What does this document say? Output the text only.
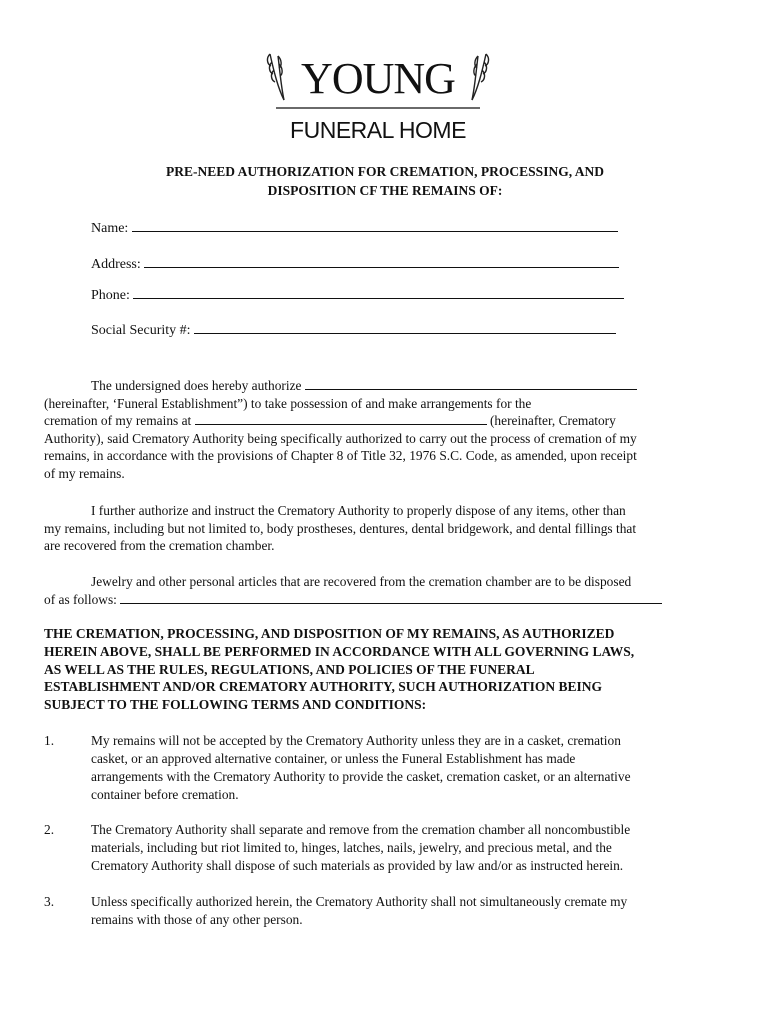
YOUNG
FUNERAL HOME
PRE-NEED AUTHORIZATION FOR CREMATION, PROCESSING, AND
DISPOSITION CF THE REMAINS OF:
Name:
Address:
Phone:
Social Security #:
The undersigned does hereby authorize
(hereinafter, ‘Funeral Establishment”) to take possession of and make arrangements for the
cremation of my remains at	(hereinafter, Crematory
Authority), said Crematory Authority being specifically authorized to carry out the process of cremation of my
remains, in accordance with the provisions of Chapter 8 of Title 32, 1976 S.C. Code, as amended, upon receipt
of my remains.
I further authorize and instruct the Crematory Authority to properly dispose of any items, other than
my remains, including but not limited to, body prostheses, dentures, dental bridgework, and dental fillings that
are recovered from the cremation chamber.
Jewelry and other personal articles that are recovered from the cremation chamber are to be disposed
of as follows:
THE CREMATION, PROCESSING, AND DISPOSITION OF MY REMAINS, AS AUTHORIZED
HEREIN ABOVE, SHALL BE PERFORMED IN ACCORDANCE WITH ALL GOVERNING LAWS,
AS WELL AS THE RULES, REGULATIONS, AND POLICIES OF THE FUNERAL
ESTABLISHMENT AND/OR CREMATORY AUTHORITY, SUCH AUTHORIZATION BEING
SUBJECT TO THE FOLLOWING TERMS AND CONDITIONS:
1.	My remains will not be accepted by the Crematory Authority unless they are in a casket, cremation
casket, or an approved alternative container, or unless the Funeral Establishment has made
arrangements with the Crematory Authority to provide the casket, cremation casket, or an alternative
container before cremation.
2.	The Crematory Authority shall separate and remove from the cremation chamber all noncombustible
materials, including but riot limited to, hinges, latches, nails, jewelry, and precious metal, and the
Crematory Authority shall dispose of such materials as provided by law and/or as instructed herein.
3.	Unless specifically authorized herein, the Crematory Authority shall not simultaneously cremate my
remains with those of any other person.
